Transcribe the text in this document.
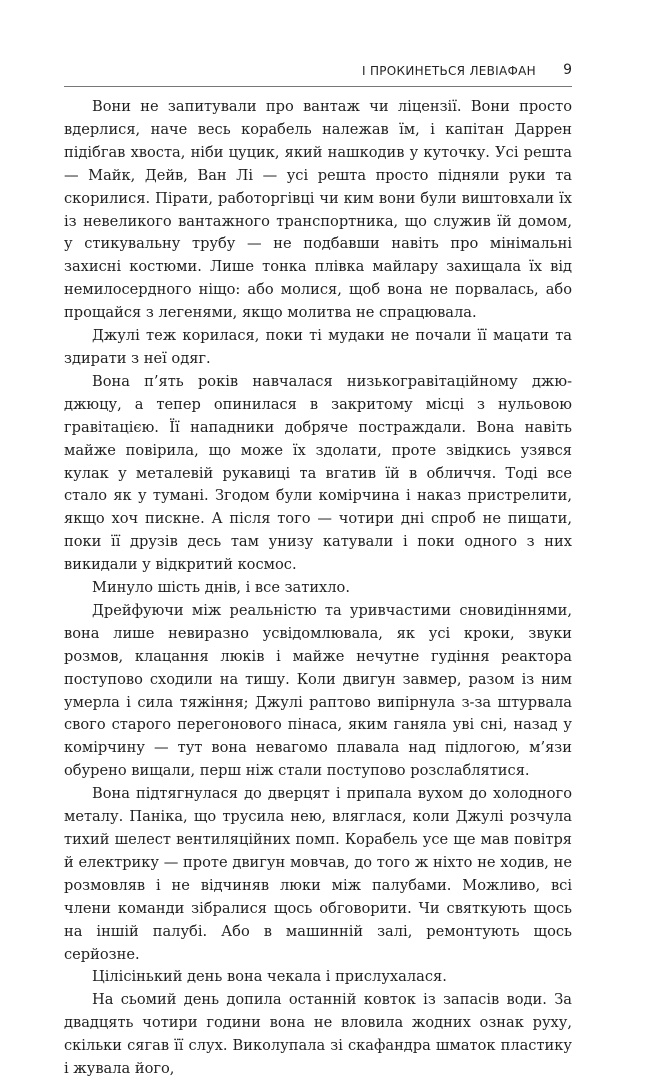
І ПРОКИНЕТЬСЯ ЛЕВІАФАН 9

Вони не запитували про вантаж чи ліцензії. Вони просто вдерлися, наче весь корабель належав їм, і капітан Даррен підібгав хвоста, ніби цуцик, який нашкодив у куточку. Усі решта — Майк, Дейв, Ван Лі — усі решта просто підняли руки та скорилися. Пірати, работоргівці чи ким вони були виштовхали їх із невеликого вантажного транспортника, що служив їй домом, у стикувальну трубу — не подбавши навіть про мінімальні захисні костюми. Лише тонка плівка майлару захищала їх від немилосердного ніщо: або молися, щоб вона не порвалась, або прощайся з легенями, якщо молитва не спрацювала.

Джулі теж корилася, поки ті мудаки не почали її мацати та здирати з неї одяг.

Вона п’ять років навчалася низькогравітаційному джю-джюцу, а тепер опинилася в закритому місці з нульовою гравітацією. Її нападники добряче постраждали. Вона навіть майже повірила, що може їх здолати, проте звідкись узявся кулак у металевій рукавиці та вгатив їй в обличчя. Тоді все стало як у тумані. Згодом були комірчина і наказ пристрелити, якщо хоч пискне. А після того — чотири дні спроб не пищати, поки її друзів десь там унизу катували і поки одного з них викидали у відкритий космос.

Минуло шість днів, і все затихло.

Дрейфуючи між реальністю та уривчастими сновидіннями, вона лише невиразно усвідомлювала, як усі кроки, звуки розмов, клацання люків і майже нечутне гудіння реактора поступово сходили на тишу. Коли двигун завмер, разом із ним умерла і сила тяжіння; Джулі раптово випірнула з-за штурвала свого старого перегонового пінаса, яким ганяла уві сні, назад у комірчину — тут вона невагомо плавала над підлогою, м’язи обурено вищали, перш ніж стали поступово розслаблятися.

Вона підтягнулася до дверцят і припала вухом до холодного металу. Паніка, що трусила нею, вляглася, коли Джулі розчула тихий шелест вентиляційних помп. Корабель усе ще мав повітря й електрику — проте двигун мовчав, до того ж ніхто не ходив, не розмовляв і не відчиняв люки між палубами. Можливо, всі члени команди зібралися щось обговорити. Чи святкують щось на іншій палубі. Або в машинній залі, ремонтують щось серйозне.

Цілісінький день вона чекала і прислухалася.

На сьомий день допила останній ковток із запасів води. За двадцять чотири години вона не вловила жодних ознак руху, скільки сягав її слух. Виколупала зі скафандра шматок пластику і жувала його,
